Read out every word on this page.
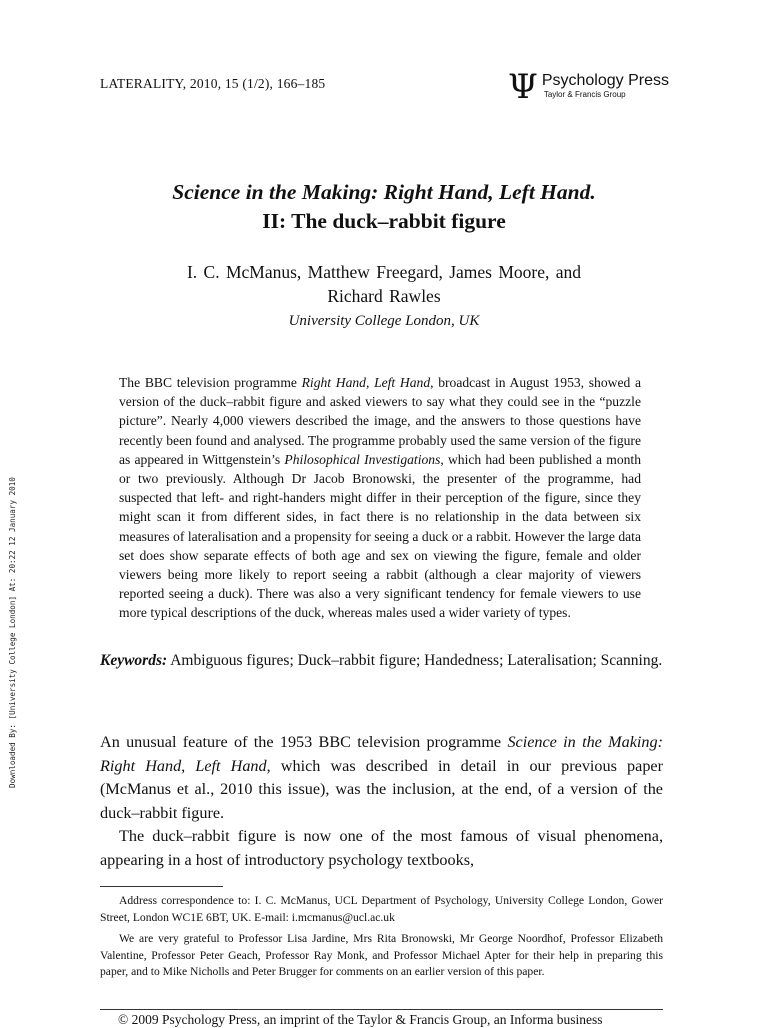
LATERALITY, 2010, 15 (1/2), 166–185	Ψ Psychology Press
Taylor & Francis Group
Science in the Making: Right Hand, Left Hand.
II: The duck–rabbit figure
I. C. McManus, Matthew Freegard, James Moore, and
Richard Rawles
University College London, UK
The BBC television programme Right Hand, Left Hand, broadcast in August 1953, showed a version of the duck–rabbit figure and asked viewers to say what they could see in the “puzzle picture”. Nearly 4,000 viewers described the image, and the answers to those questions have recently been found and analysed. The programme probably used the same version of the figure as appeared in Wittgenstein’s Philosophical Investigations, which had been published a month or two previously. Although Dr Jacob Bronowski, the presenter of the programme, had suspected that left- and right-handers might differ in their perception of the figure, since they might scan it from different sides, in fact there is no relationship in the data between six measures of lateralisation and a propensity for seeing a duck or a rabbit. However the large data set does show separate effects of both age and sex on viewing the figure, female and older viewers being more likely to report seeing a rabbit (although a clear majority of viewers reported seeing a duck). There was also a very significant tendency for female viewers to use more typical descriptions of the duck, whereas males used a wider variety of types.
Keywords: Ambiguous figures; Duck–rabbit figure; Handedness; Lateralisation; Scanning.

An unusual feature of the 1953 BBC television programme Science in the Making: Right Hand, Left Hand, which was described in detail in our previous paper (McManus et al., 2010 this issue), was the inclusion, at the end, of a version of the duck–rabbit figure.

The duck–rabbit figure is now one of the most famous of visual phenomena, appearing in a host of introductory psychology textbooks,

Address correspondence to: I. C. McManus, UCL Department of Psychology, University College London, Gower Street, London WC1E 6BT, UK. E-mail: i.mcmanus@ucl.ac.uk

We are very grateful to Professor Lisa Jardine, Mrs Rita Bronowski, Mr George Noordhof, Professor Elizabeth Valentine, Professor Peter Geach, Professor Ray Monk, and Professor Michael Apter for their help in preparing this paper, and to Mike Nicholls and Peter Brugger for comments on an earlier version of this paper.

© 2009 Psychology Press, an imprint of the Taylor & Francis Group, an Informa business
Downloaded By: [University College London] At: 20:22 12 January 2010
